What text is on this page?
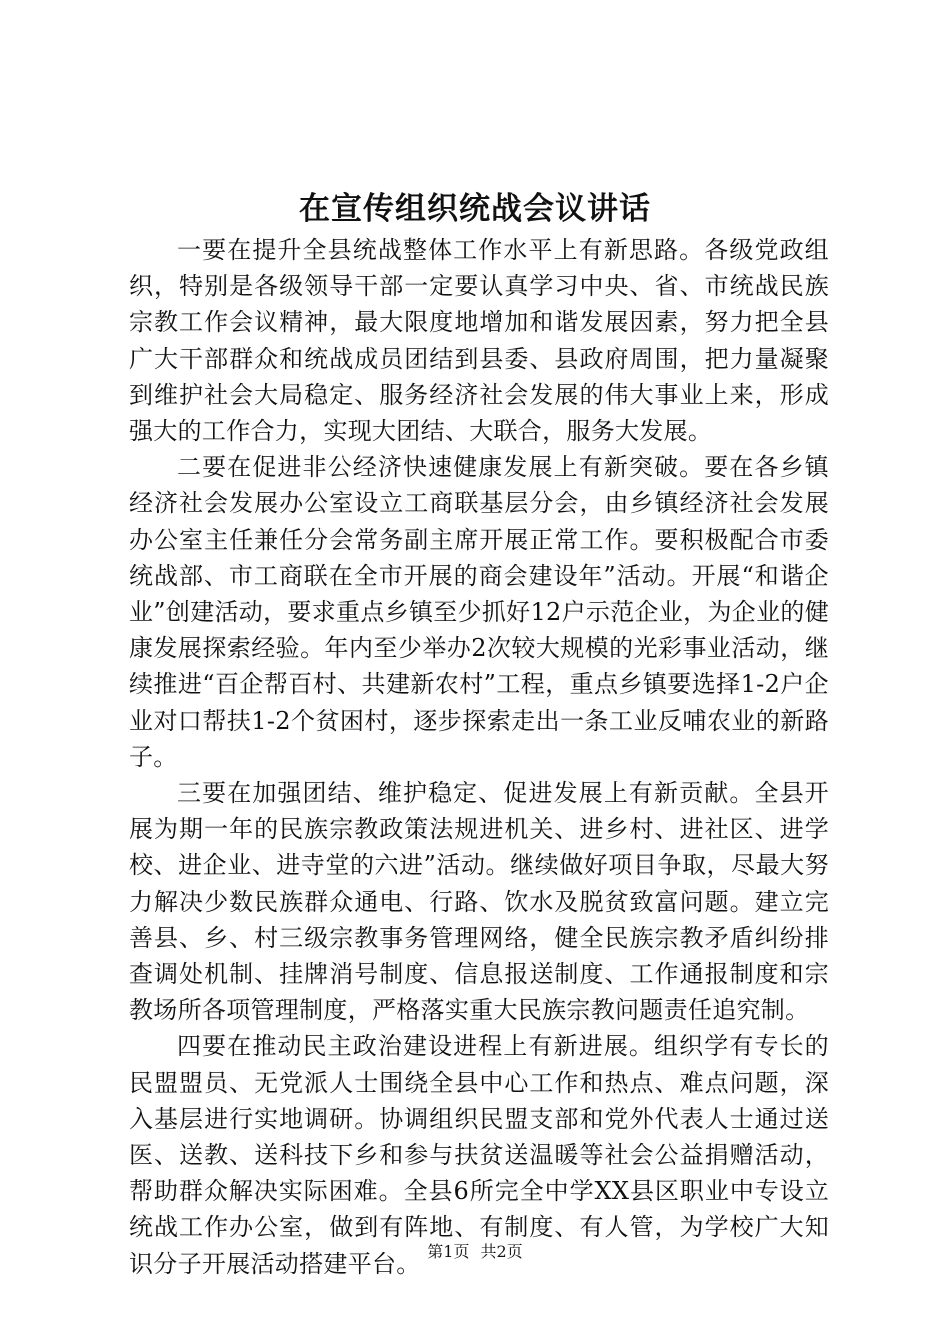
在宣传组织统战会议讲话

一要在提升全县统战整体工作水平上有新思路。各级党政组织，特别是各级领导干部一定要认真学习中央、省、市统战民族宗教工作会议精神，最大限度地增加和谐发展因素，努力把全县广大干部群众和统战成员团结到县委、县政府周围，把力量凝聚到维护社会大局稳定、服务经济社会发展的伟大事业上来，形成强大的工作合力，实现大团结、大联合，服务大发展。

二要在促进非公经济快速健康发展上有新突破。要在各乡镇经济社会发展办公室设立工商联基层分会，由乡镇经济社会发展办公室主任兼任分会常务副主席开展正常工作。要积极配合市委统战部、市工商联在全市开展的商会建设年”活动。开展“和谐企业”创建活动，要求重点乡镇至少抓好12户示范企业，为企业的健康发展探索经验。年内至少举办2次较大规模的光彩事业活动，继续推进“百企帮百村、共建新农村”工程，重点乡镇要选择1-2户企业对口帮扶1-2个贫困村，逐步探索走出一条工业反哺农业的新路子。

三要在加强团结、维护稳定、促进发展上有新贡献。全县开展为期一年的民族宗教政策法规进机关、进乡村、进社区、进学校、进企业、进寺堂的六进”活动。继续做好项目争取，尽最大努力解决少数民族群众通电、行路、饮水及脱贫致富问题。建立完善县、乡、村三级宗教事务管理网络，健全民族宗教矛盾纠纷排查调处机制、挂牌消号制度、信息报送制度、工作通报制度和宗教场所各项管理制度，严格落实重大民族宗教问题责任追究制。

四要在推动民主政治建设进程上有新进展。组织学有专长的民盟盟员、无党派人士围绕全县中心工作和热点、难点问题，深入基层进行实地调研。协调组织民盟支部和党外代表人士通过送医、送教、送科技下乡和参与扶贫送温暖等社会公益捐赠活动，帮助群众解决实际困难。全县6所完全中学XX县区职业中专设立统战工作办公室，做到有阵地、有制度、有人管，为学校广大知识分子开展活动搭建平台。 第1页 共2页
